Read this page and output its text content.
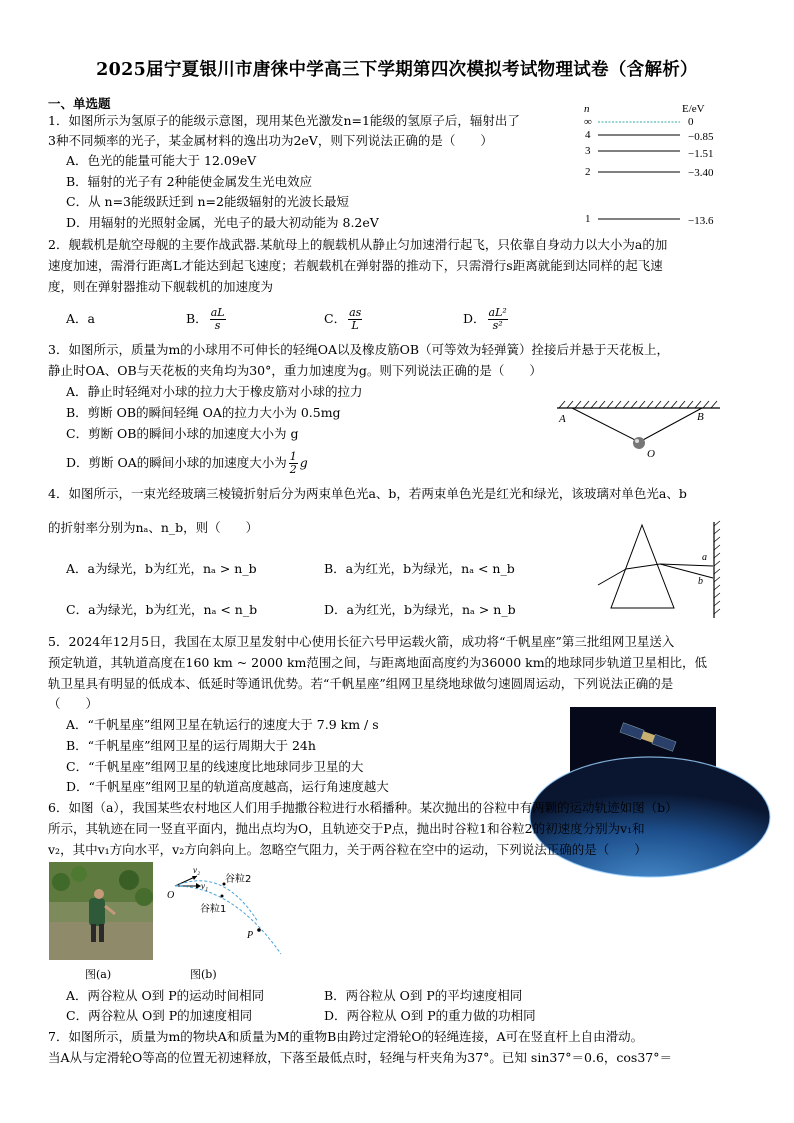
2025届宁夏银川市唐徕中学高三下学期第四次模拟考试物理试卷（含解析）
一、单选题
1．如图所示为氢原子的能级示意图，现用某色光激发n=1能级的氢原子后，辐射出了
3种不同频率的光子，某金属材料的逸出功为2eV，则下列说法正确的是（　　）
A．色光的能量可能大于 12.09eV
B．辐射的光子有 2种能使金属发生光电效应
C．从 n=3能级跃迁到 n=2能级辐射的光波长最短
D．用辐射的光照射金属，光电子的最大初动能为 8.2eV
n	E/eV
∞	0
4	−0.85
3	−1.51
2	−3.40
1	−13.6
2．舰载机是航空母舰的主要作战武器.某航母上的舰载机从静止匀加速滑行起飞，只依靠自身动力以大小为a的加
速度加速，需滑行距离L才能达到起飞速度；若舰载机在弹射器的推动下，只需滑行s距离就能到达同样的起飞速
度，则在弹射器推动下舰载机的加速度为
A．a	B． $\frac{aL}{s}$	C． $\frac{as}{L}$	D． $\frac{\text{aL²}}{\text{s²}}$
3．如图所示，质量为m的小球用不可伸长的轻绳OA以及橡皮筋OB（可等效为轻弹簧）拴接后并悬于天花板上，
静止时OA、OB与天花板的夹角均为30°，重力加速度为g。则下列说法正确的是（　　）
A．静止时轻绳对小球的拉力大于橡皮筋对小球的拉力
B．剪断 OB的瞬间轻绳 OA的拉力大小为 0.5mg
C．剪断 OB的瞬间小球的加速度大小为 g
D．剪断 OA的瞬间小球的加速度大小为 $\frac{1}{2}$ g
A	B
O
4．如图所示，一束光经玻璃三棱镜折射后分为两束单色光a、b，若两束单色光是红光和绿光，该玻璃对单色光a、b
的折射率分别为nₐ、n_b，则（　　）
A．a为绿光，b为红光，nₐ > n_b	B．a为红光，b为绿光，nₐ < n_b
C．a为绿光，b为红光，nₐ < n_b	D．a为红光，b为绿光，nₐ > n_b
a
b
5．2024年12月5日，我国在太原卫星发射中心使用长征六号甲运载火箭，成功将“千帆星座”第三批组网卫星送入
预定轨道，其轨道高度在160 km ~ 2000 km范围之间，与距离地面高度约为36000 km的地球同步轨道卫星相比，低
轨卫星具有明显的低成本、低延时等通讯优势。若“千帆星座”组网卫星绕地球做匀速圆周运动，下列说法正确的是
（　　）
A．“千帆星座”组网卫星在轨运行的速度大于 7.9 km / s
B．“千帆星座”组网卫星的运行周期大于 24h
C．“千帆星座”组网卫星的线速度比地球同步卫星的大
D．“千帆星座”组网卫星的轨道高度越高，运行角速度越大
6．如图（a），我国某些农村地区人们用手抛撒谷粒进行水稻播种。某次抛出的谷粒中有两颗的运动轨迹如图（b）
所示，其轨迹在同一竖直平面内，抛出点均为O，且轨迹交于P点，抛出时谷粒1和谷粒2的初速度分别为v₁和
v₂，其中v₁方向水平，v₂方向斜向上。忽略空气阻力，关于两谷粒在空中的运动，下列说法正确的是（　　）
图(a)
O
v₂
v₁
谷粒2
谷粒1
P
图(b)
A．两谷粒从 O到 P的运动时间相同	B．两谷粒从 O到 P的平均速度相同
C．两谷粒从 O到 P的加速度相同	D．两谷粒从 O到 P的重力做的功相同
7．如图所示，质量为m的物块A和质量为M的重物B由跨过定滑轮O的轻绳连接，A可在竖直杆上自由滑动。
当A从与定滑轮O等高的位置无初速释放，下落至最低点时，轻绳与杆夹角为37°。已知 sin37°＝0.6，cos37°＝
